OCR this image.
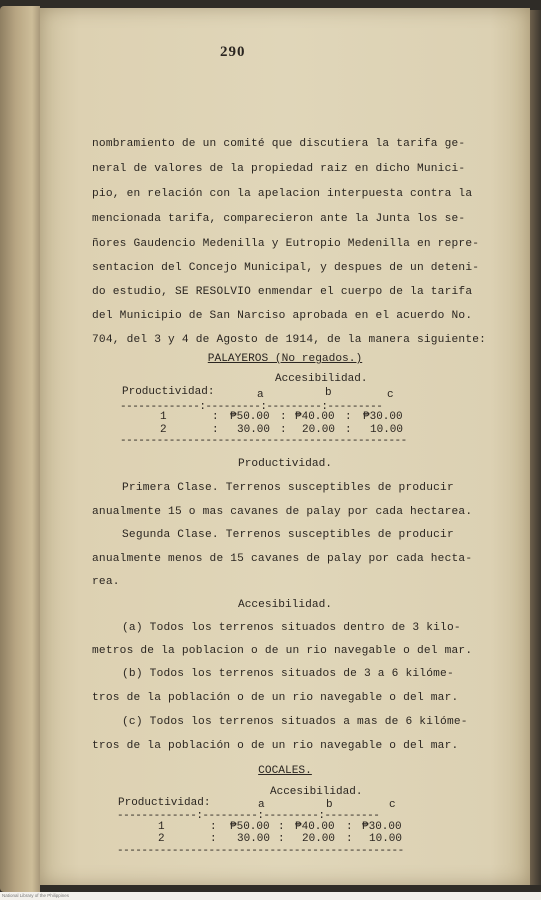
290
nombramiento de un comité que discutiera la tarifa ge-
neral de valores de la propiedad raiz en dicho Munici-
pio, en relación con la apelacion interpuesta contra la
mencionada tarifa, comparecieron ante la Junta los se-
ñores Gaudencio Medenilla y Eutropio Medenilla en repre-
sentacion del Concejo Municipal, y despues de un deteni-
do estudio, SE RESOLVIO enmendar el cuerpo de la tarifa
del Municipio de San Narciso aprobada en el acuerdo No.
704, del 3 y 4 de Agosto de 1914, de la manera siguiente:
PALAYEROS (No regados.)
Accesibilidad.
Productividad:	a	b	c
-------------:---------:---------:---------
1	: ₱50.00 : ₱40.00 : ₱30.00
2	: 30.00 : 20.00 : 10.00
-----------------------------------------------
Productividad.
Primera Clase. Terrenos susceptibles de producir
anualmente 15 o mas cavanes de palay por cada hectarea.
Segunda Clase. Terrenos susceptibles de producir
anualmente menos de 15 cavanes de palay por cada hecta-
rea.
Accesibilidad.
(a) Todos los terrenos situados dentro de 3 kilo-
metros de la poblacion o de un rio navegable o del mar.
(b) Todos los terrenos situados de 3 a 6 kilóme-
tros de la población o de un rio navegable o del mar.
(c) Todos los terrenos situados a mas de 6 kilóme-
tros de la población o de un rio navegable o del mar.
COCALES.
Accesibilidad.
Productividad:	a	b	c
-------------:---------:---------:---------
1	: ₱50.00 : ₱40.00 : ₱30.00
2	: 30.00 : 20.00 : 10.00
-----------------------------------------------
National Library of the Philippines
